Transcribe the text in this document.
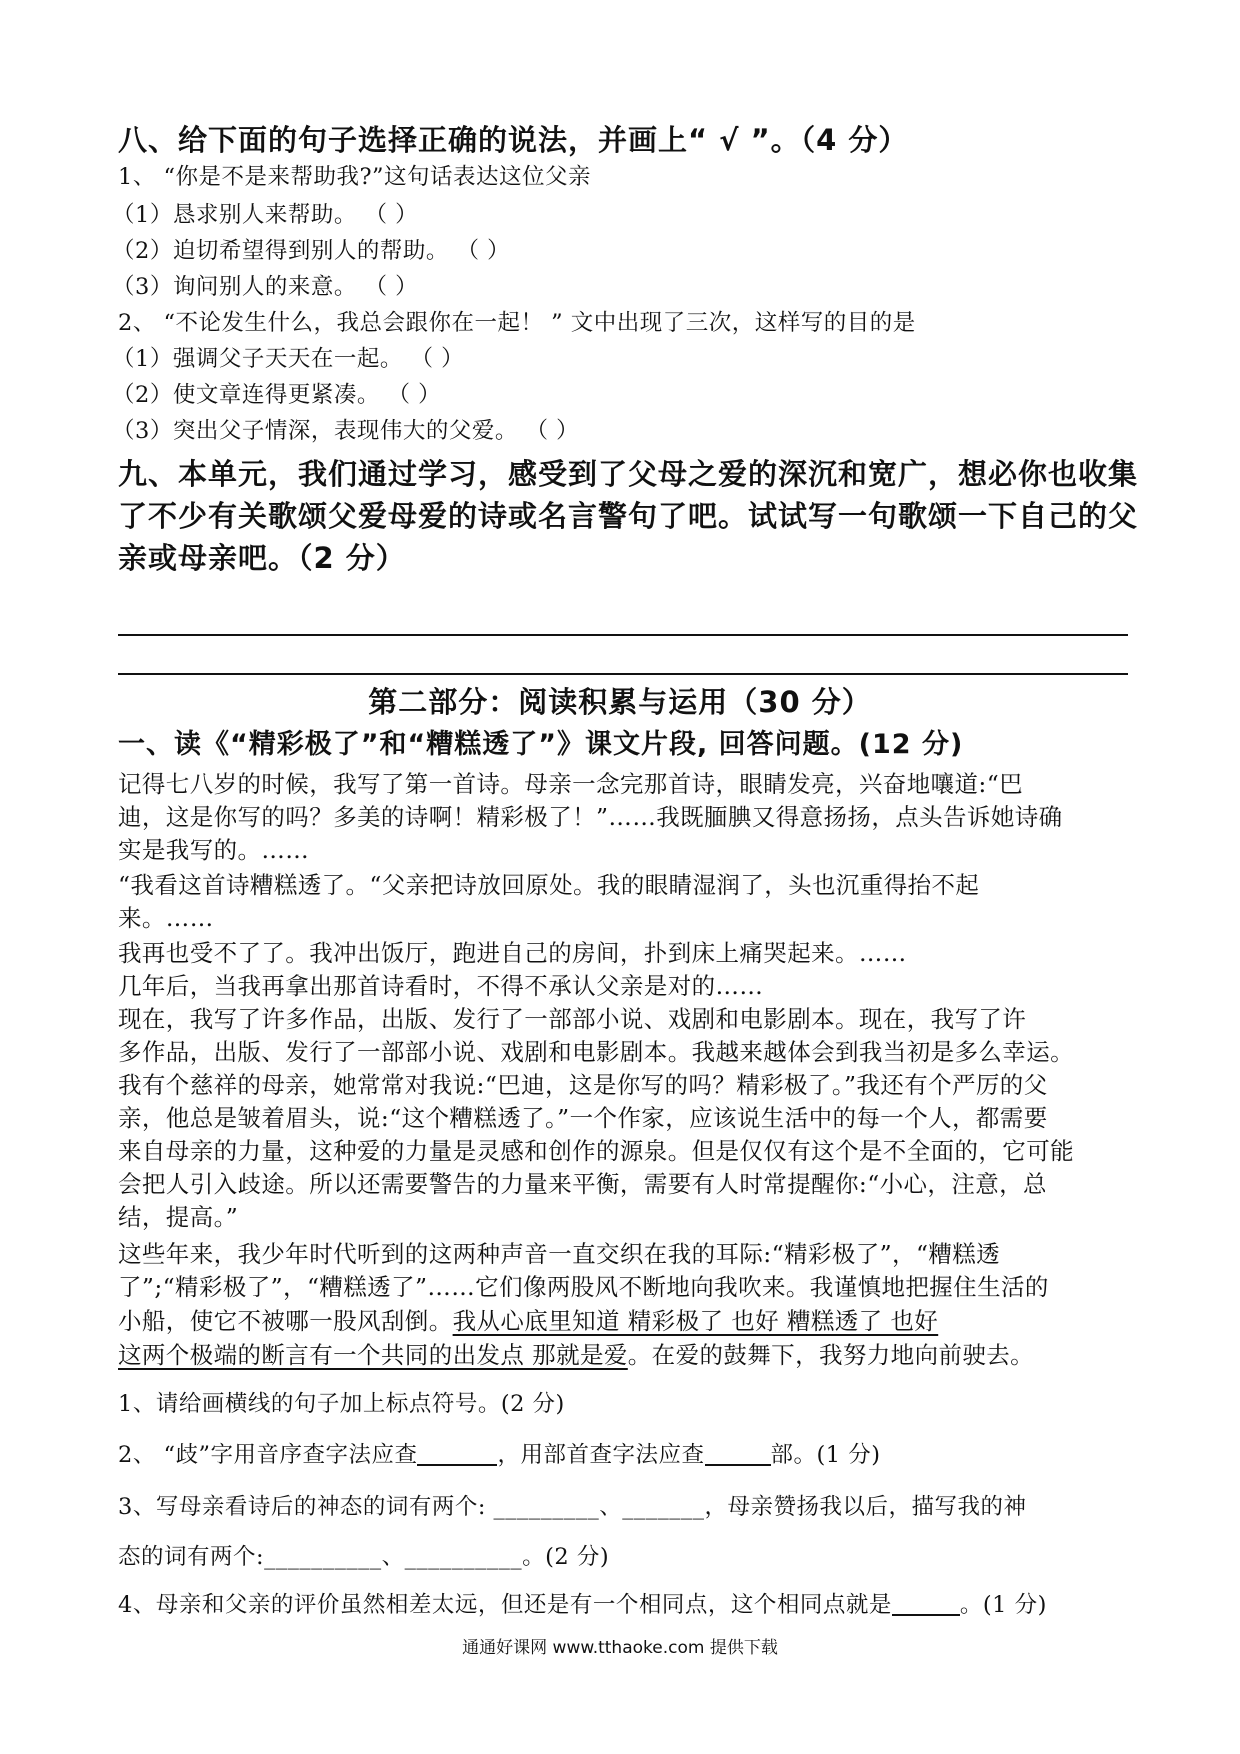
八、给下面的句子选择正确的说法，并画上“ √ ”。（4 分）
1、 “你是不是来帮助我?”这句话表达这位父亲
（1）恳求别人来帮助。 （ ）
（2）迫切希望得到别人的帮助。 （ ）
（3）询问别人的来意。 （ ）
2、 “不论发生什么，我总会跟你在一起！ ” 文中出现了三次，这样写的目的是
（1）强调父子天天在一起。 （ ）
（2）使文章连得更紧凑。 （ ）
（3）突出父子情深，表现伟大的父爱。 （ ）
九、本单元，我们通过学习，感受到了父母之爱的深沉和宽广，想必你也收集
了不少有关歌颂父爱母爱的诗或名言警句了吧。试试写一句歌颂一下自己的父
亲或母亲吧。（2 分）
第二部分：阅读积累与运用（30 分）
一、读《“精彩极了”和“糟糕透了”》课文片段, 回答问题。(12 分)
记得七八岁的时候，我写了第一首诗。母亲一念完那首诗，眼睛发亮，兴奋地嚷道:“巴
迪，这是你写的吗？多美的诗啊！精彩极了！”……我既腼腆又得意扬扬，点头告诉她诗确
实是我写的。……
“我看这首诗糟糕透了。“父亲把诗放回原处。我的眼睛湿润了，头也沉重得抬不起
来。……
我再也受不了了。我冲出饭厅，跑进自己的房间，扑到床上痛哭起来。……
几年后，当我再拿出那首诗看时，不得不承认父亲是对的……
现在，我写了许多作品，出版、发行了一部部小说、戏剧和电影剧本。现在，我写了许
多作品，出版、发行了一部部小说、戏剧和电影剧本。我越来越体会到我当初是多么幸运。
我有个慈祥的母亲，她常常对我说:“巴迪，这是你写的吗？精彩极了。”我还有个严厉的父
亲，他总是皱着眉头，说:“这个糟糕透了。”一个作家，应该说生活中的每一个人，都需要
来自母亲的力量，这种爱的力量是灵感和创作的源泉。但是仅仅有这个是不全面的，它可能
会把人引入歧途。所以还需要警告的力量来平衡，需要有人时常提醒你:“小心，注意，总
结，提高。”
这些年来，我少年时代听到的这两种声音一直交织在我的耳际:“精彩极了”，“糟糕透
了”;“精彩极了”，“糟糕透了”……它们像两股风不断地向我吹来。我谨慎地把握住生活的
小船，使它不被哪一股风刮倒。我从心底里知道 精彩极了 也好 糟糕透了 也好
这两个极端的断言有一个共同的出发点 那就是爱。在爱的鼓舞下，我努力地向前驶去。
1、请给画横线的句子加上标点符号。(2 分)
2、 “歧”字用音序查字法应查	，用部首查字法应查	部。(1 分)
3、写母亲看诗后的神态的词有两个: _________、_______，母亲赞扬我以后，描写我的神
态的词有两个:__________、__________。(2 分)
4、母亲和父亲的评价虽然相差太远，但还是有一个相同点，这个相同点就是	。(1 分)
通通好课网 www.tthaoke.com 提供下载
